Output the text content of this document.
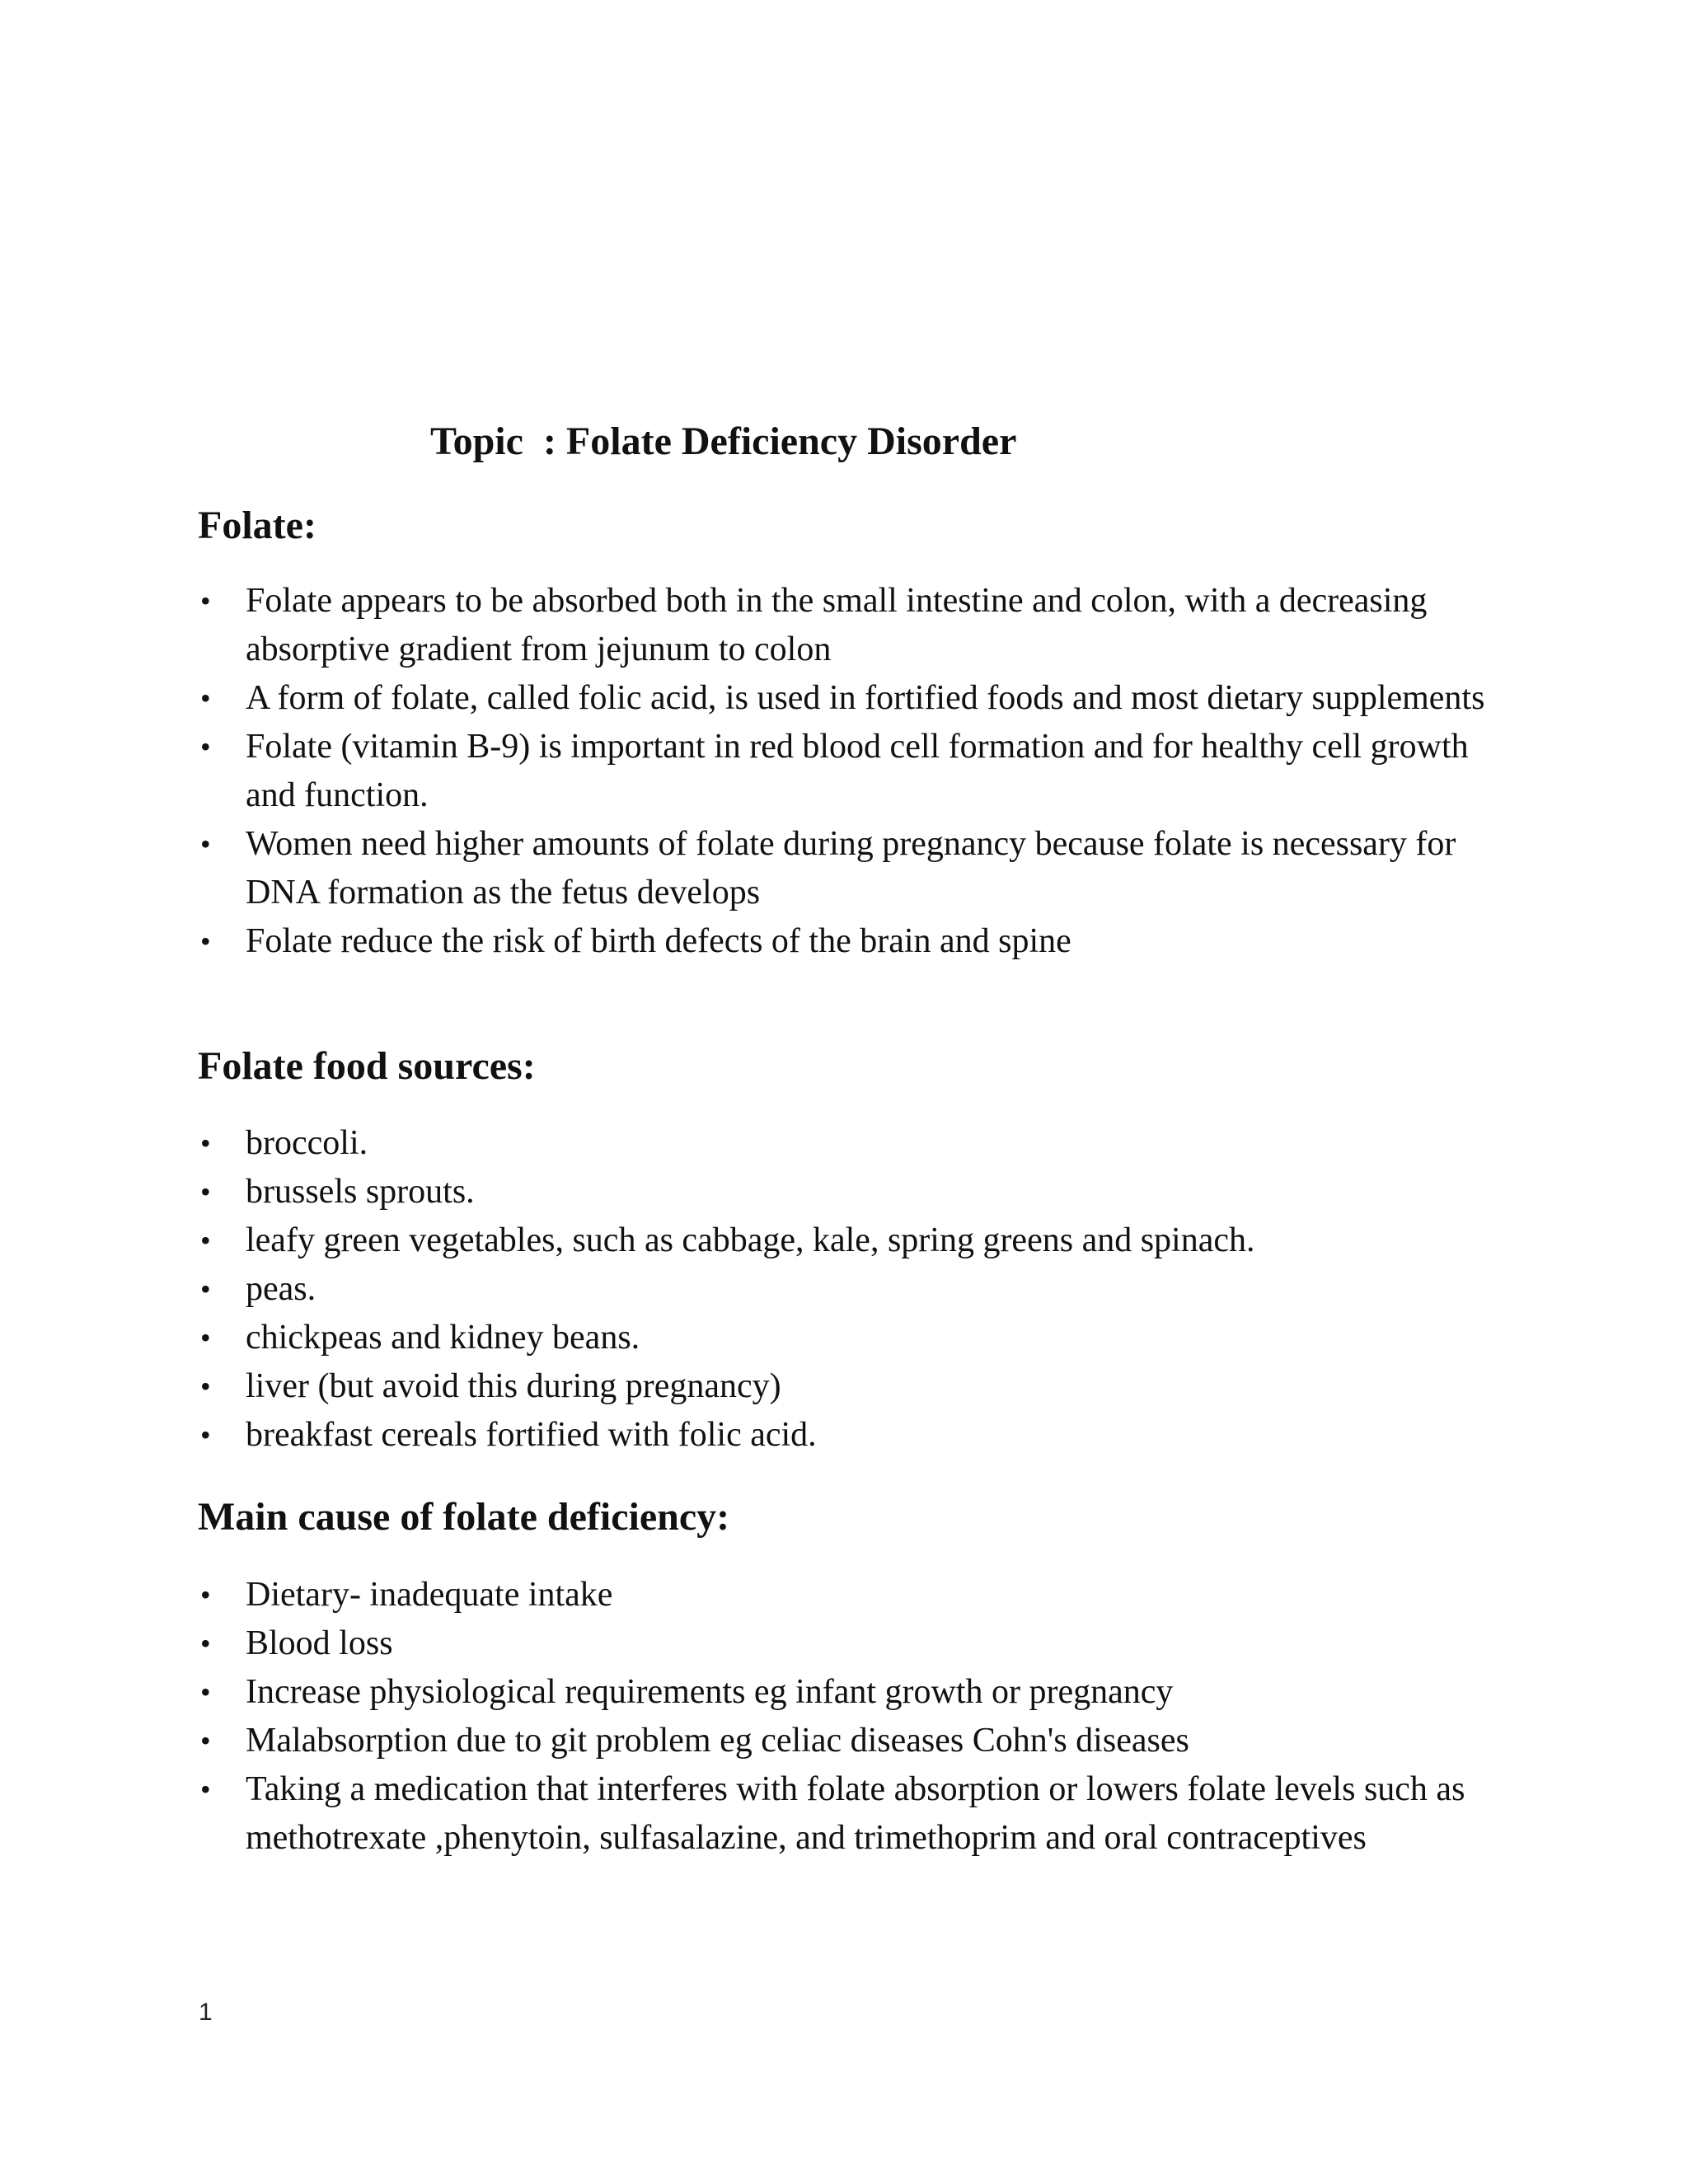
Topic  : Folate Deficiency Disorder
Folate:
• Folate appears to be absorbed both in the small intestine and colon, with a decreasing absorptive gradient from jejunum to colon
• A form of folate, called folic acid, is used in fortified foods and most dietary supplements
• Folate (vitamin B-9) is important in red blood cell formation and for healthy cell growth and function.
• Women need higher amounts of folate during pregnancy because folate is necessary for DNA formation as the fetus develops
• Folate reduce the risk of birth defects of the brain and spine
Folate food sources:
• broccoli.
• brussels sprouts.
• leafy green vegetables, such as cabbage, kale, spring greens and spinach.
• peas.
• chickpeas and kidney beans.
• liver (but avoid this during pregnancy)
• breakfast cereals fortified with folic acid.
Main cause of folate deficiency:
• Dietary- inadequate intake
• Blood loss
• Increase physiological requirements eg infant growth or pregnancy
• Malabsorption due to git problem eg celiac diseases Cohn's diseases
• Taking a medication that interferes with folate absorption or lowers folate levels such as methotrexate ,phenytoin, sulfasalazine, and trimethoprim and oral contraceptives
1
